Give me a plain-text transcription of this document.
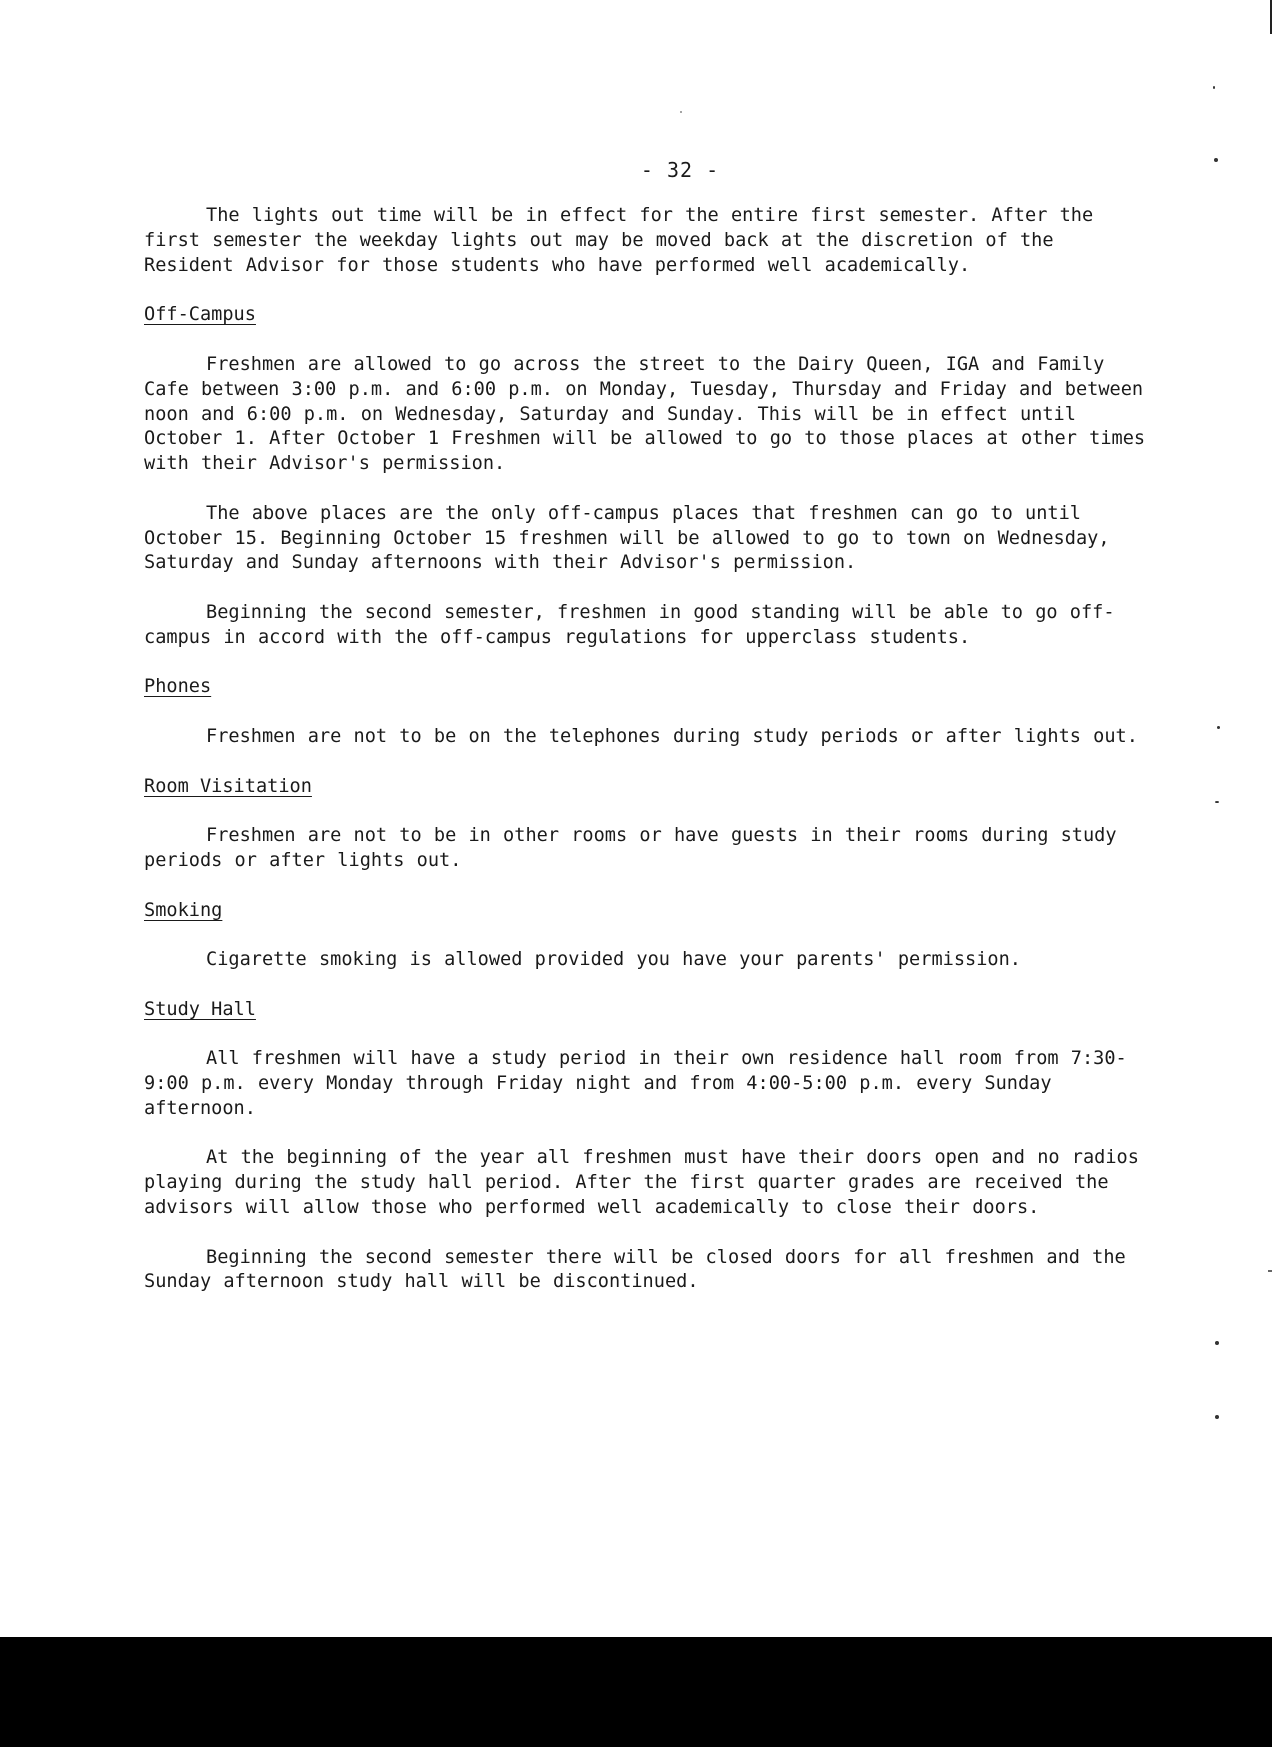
- 32 -

The lights out time will be in effect for the entire first semester. After the first semester the weekday lights out may be moved back at the discretion of the Resident Advisor for those students who have performed well academically.

Off-Campus

Freshmen are allowed to go across the street to the Dairy Queen, IGA and Family Cafe between 3:00 p.m. and 6:00 p.m. on Monday, Tuesday, Thursday and Friday and between noon and 6:00 p.m. on Wednesday, Saturday and Sunday. This will be in effect until October 1. After October 1 Freshmen will be allowed to go to those places at other times with their Advisor's permission.

The above places are the only off-campus places that freshmen can go to until October 15. Beginning October 15 freshmen will be allowed to go to town on Wednesday, Saturday and Sunday afternoons with their Advisor's permission.

Beginning the second semester, freshmen in good standing will be able to go off-campus in accord with the off-campus regulations for upperclass students.

Phones

Freshmen are not to be on the telephones during study periods or after lights out.

Room Visitation

Freshmen are not to be in other rooms or have guests in their rooms during study periods or after lights out.

Smoking

Cigarette smoking is allowed provided you have your parents' permission.

Study Hall

All freshmen will have a study period in their own residence hall room from 7:30-9:00 p.m. every Monday through Friday night and from 4:00-5:00 p.m. every Sunday afternoon.

At the beginning of the year all freshmen must have their doors open and no radios playing during the study hall period. After the first quarter grades are received the advisors will allow those who performed well academically to close their doors.

Beginning the second semester there will be closed doors for all freshmen and the Sunday afternoon study hall will be discontinued.
